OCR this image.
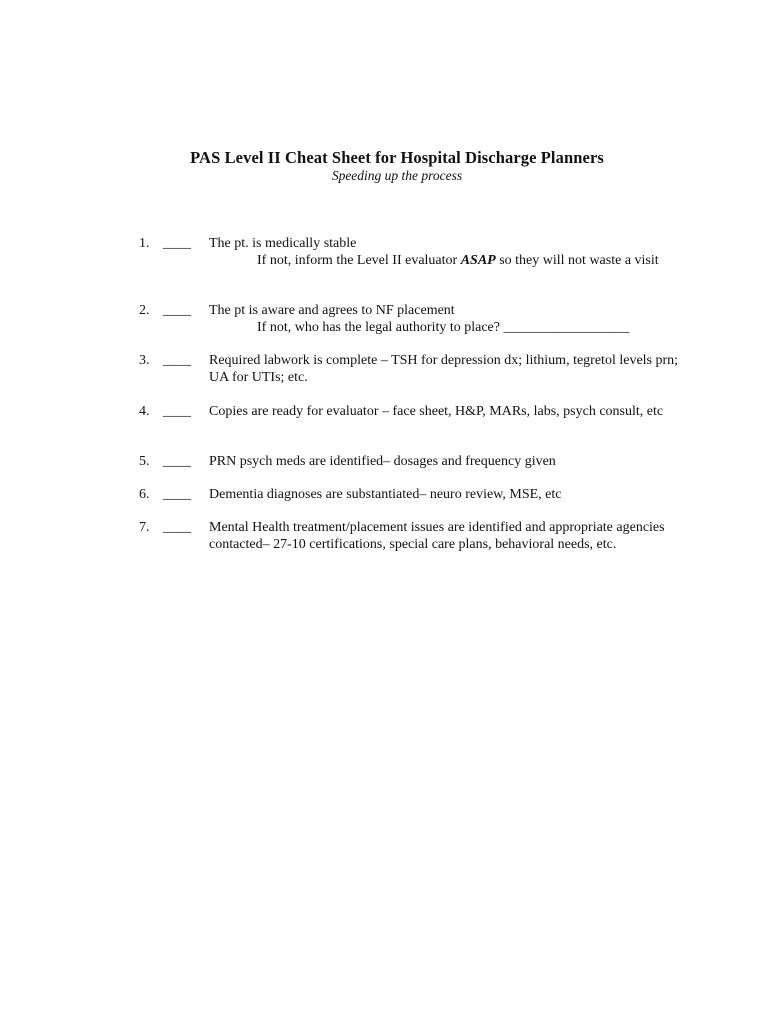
PAS Level II Cheat Sheet for Hospital Discharge Planners
Speeding up the process
1. ____ The pt. is medically stable
If not, inform the Level II evaluator ASAP so they will not waste a visit
2. ____ The pt is aware and agrees to NF placement
If not, who has the legal authority to place? __________________
3. ____ Required labwork is complete – TSH for depression dx; lithium, tegretol levels prn; UA for UTIs; etc.
4. ____ Copies are ready for evaluator – face sheet, H&P, MARs, labs, psych consult, etc
5. ____ PRN psych meds are identified– dosages and frequency given
6. ____ Dementia diagnoses are substantiated– neuro review, MSE, etc
7. ____ Mental Health treatment/placement issues are identified and appropriate agencies contacted– 27-10 certifications, special care plans, behavioral needs, etc.
